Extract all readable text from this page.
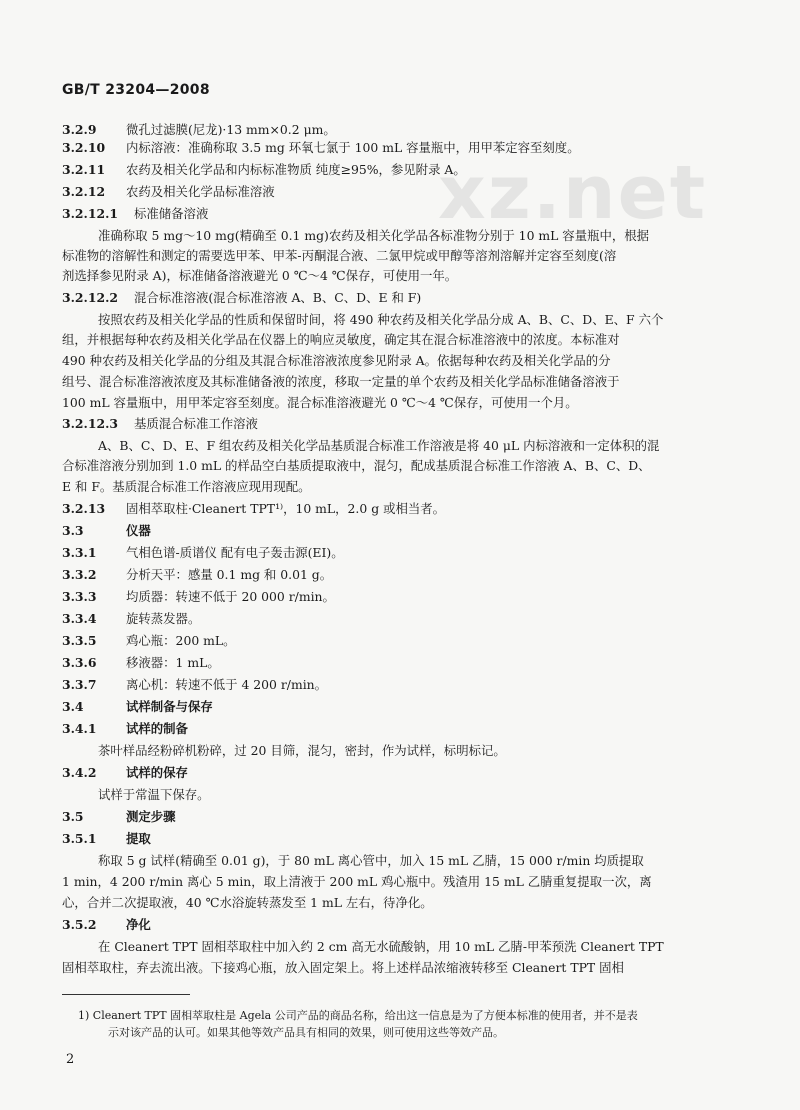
GB/T 23204—2008
xz.net
3.2.9 微孔过滤膜(尼龙)·13 mm×0.2 μm。
3.2.10 内标溶液：准确称取 3.5 mg 环氧七氯于 100 mL 容量瓶中，用甲苯定容至刻度。
3.2.11 农药及相关化学品和内标标准物质 纯度≥95%，参见附录 A。
3.2.12 农药及相关化学品标准溶液
3.2.12.1 标准储备溶液
准确称取 5 mg～10 mg(精确至 0.1 mg)农药及相关化学品各标准物分别于 10 mL 容量瓶中，根据
标准物的溶解性和测定的需要选甲苯、甲苯-丙酮混合液、二氯甲烷或甲醇等溶剂溶解并定容至刻度(溶
剂选择参见附录 A)，标准储备溶液避光 0 ℃～4 ℃保存，可使用一年。
3.2.12.2 混合标准溶液(混合标准溶液 A、B、C、D、E 和 F)
按照农药及相关化学品的性质和保留时间，将 490 种农药及相关化学品分成 A、B、C、D、E、F 六个
组，并根据每种农药及相关化学品在仪器上的响应灵敏度，确定其在混合标准溶液中的浓度。本标准对
490 种农药及相关化学品的分组及其混合标准溶液浓度参见附录 A。依据每种农药及相关化学品的分
组号、混合标准溶液浓度及其标准储备液的浓度，移取一定量的单个农药及相关化学品标准储备溶液于
100 mL 容量瓶中，用甲苯定容至刻度。混合标准溶液避光 0 ℃～4 ℃保存，可使用一个月。
3.2.12.3 基质混合标准工作溶液
A、B、C、D、E、F 组农药及相关化学品基质混合标准工作溶液是将 40 μL 内标溶液和一定体积的混
合标准溶液分别加到 1.0 mL 的样品空白基质提取液中，混匀，配成基质混合标准工作溶液 A、B、C、D、
E 和 F。基质混合标准工作溶液应现用现配。
3.2.13 固相萃取柱·Cleanert TPT¹⁾，10 mL，2.0 g 或相当者。
3.3	仪器
3.3.1 气相色谱-质谱仪 配有电子轰击源(EI)。
3.3.2 分析天平：感量 0.1 mg 和 0.01 g。
3.3.3 均质器：转速不低于 20 000 r/min。
3.3.4 旋转蒸发器。
3.3.5 鸡心瓶：200 mL。
3.3.6 移液器：1 mL。
3.3.7 离心机：转速不低于 4 200 r/min。
3.4	试样制备与保存
3.4.1 试样的制备
茶叶样品经粉碎机粉碎，过 20 目筛，混匀，密封，作为试样，标明标记。
3.4.2 试样的保存
试样于常温下保存。
3.5	测定步骤
3.5.1 提取
称取 5 g 试样(精确至 0.01 g)，于 80 mL 离心管中，加入 15 mL 乙腈，15 000 r/min 均质提取
1 min，4 200 r/min 离心 5 min，取上清液于 200 mL 鸡心瓶中。残渣用 15 mL 乙腈重复提取一次，离
心，合并二次提取液，40 ℃水浴旋转蒸发至 1 mL 左右，待净化。
3.5.2 净化
在 Cleanert TPT 固相萃取柱中加入约 2 cm 高无水硫酸钠，用 10 mL 乙腈-甲苯预洗 Cleanert TPT
固相萃取柱，弃去流出液。下接鸡心瓶，放入固定架上。将上述样品浓缩液转移至 Cleanert TPT 固相
1) Cleanert TPT 固相萃取柱是 Agela 公司产品的商品名称，给出这一信息是为了方便本标准的使用者，并不是表
示对该产品的认可。如果其他等效产品具有相同的效果，则可使用这些等效产品。
2
